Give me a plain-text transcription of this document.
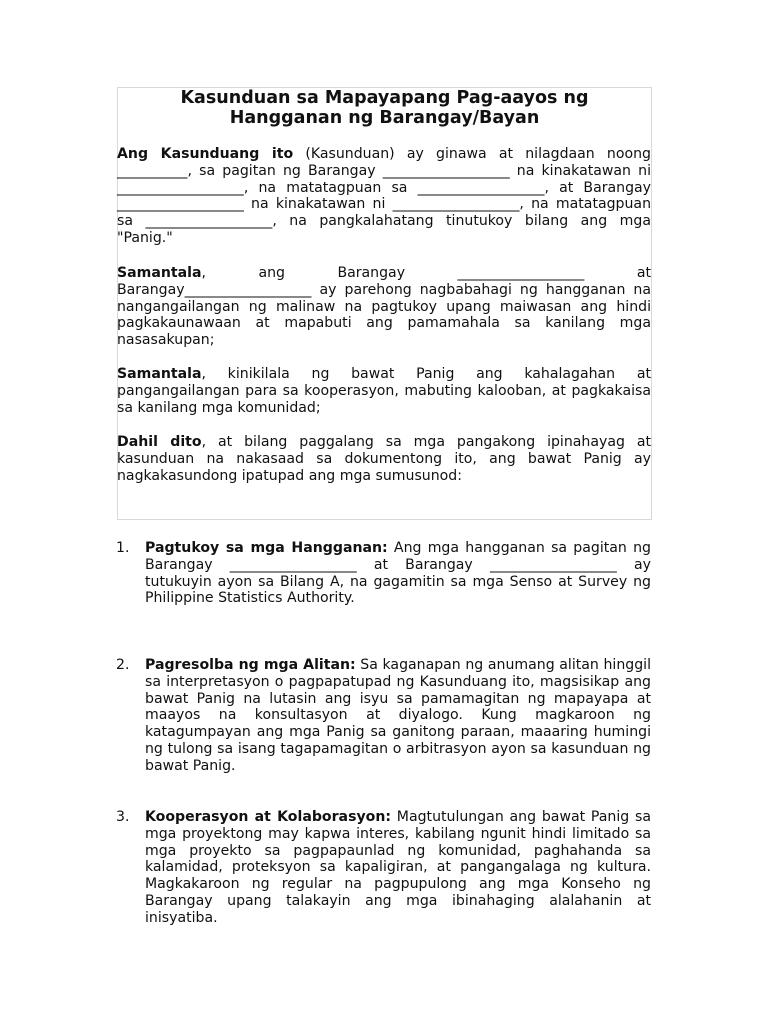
Kasunduan sa Mapayapang Pag-aayos ng
Hangganan ng Barangay/Bayan

Ang Kasunduang ito (Kasunduan) ay ginawa at nilagdaan noong __________, sa pagitan ng Barangay __________________ na kinakatawan ni __________________, na matatagpuan sa __________________, at Barangay __________________ na kinakatawan ni __________________, na matatagpuan sa __________________, na pangkalahatang tinutukoy bilang ang mga "Panig."

Samantala, ang Barangay __________________ at Barangay__________________ ay parehong nagbabahagi ng hangganan na nangangailangan ng malinaw na pagtukoy upang maiwasan ang hindi pagkakaunawaan at mapabuti ang pamamahala sa kanilang mga nasasakupan;

Samantala, kinikilala ng bawat Panig ang kahalagahan at pangangailangan para sa kooperasyon, mabuting kalooban, at pagkakaisa sa kanilang mga komunidad;

Dahil dito, at bilang paggalang sa mga pangakong ipinahayag at kasunduan na nakasaad sa dokumentong ito, ang bawat Panig ay nagkakasundong ipatupad ang mga sumusunod:

1. Pagtukoy sa mga Hangganan: Ang mga hangganan sa pagitan ng Barangay __________________ at Barangay __________________ ay tutukuyin ayon sa Bilang A, na gagamitin sa mga Senso at Survey ng Philippine Statistics Authority.

2. Pagresolba ng mga Alitan: Sa kaganapan ng anumang alitan hinggil sa interpretasyon o pagpapatupad ng Kasunduang ito, magsisikap ang bawat Panig na lutasin ang isyu sa pamamagitan ng mapayapa at maayos na konsultasyon at diyalogo. Kung magkaroon ng katagumpayan ang mga Panig sa ganitong paraan, maaaring humingi ng tulong sa isang tagapamagitan o arbitrasyon ayon sa kasunduan ng bawat Panig.

3. Kooperasyon at Kolaborasyon: Magtutulungan ang bawat Panig sa mga proyektong may kapwa interes, kabilang ngunit hindi limitado sa mga proyekto sa pagpapaunlad ng komunidad, paghahanda sa kalamidad, proteksyon sa kapaligiran, at pangangalaga ng kultura. Magkakaroon ng regular na pagpupulong ang mga Konseho ng Barangay upang talakayin ang mga ibinahaging alalahanin at inisyatiba.
